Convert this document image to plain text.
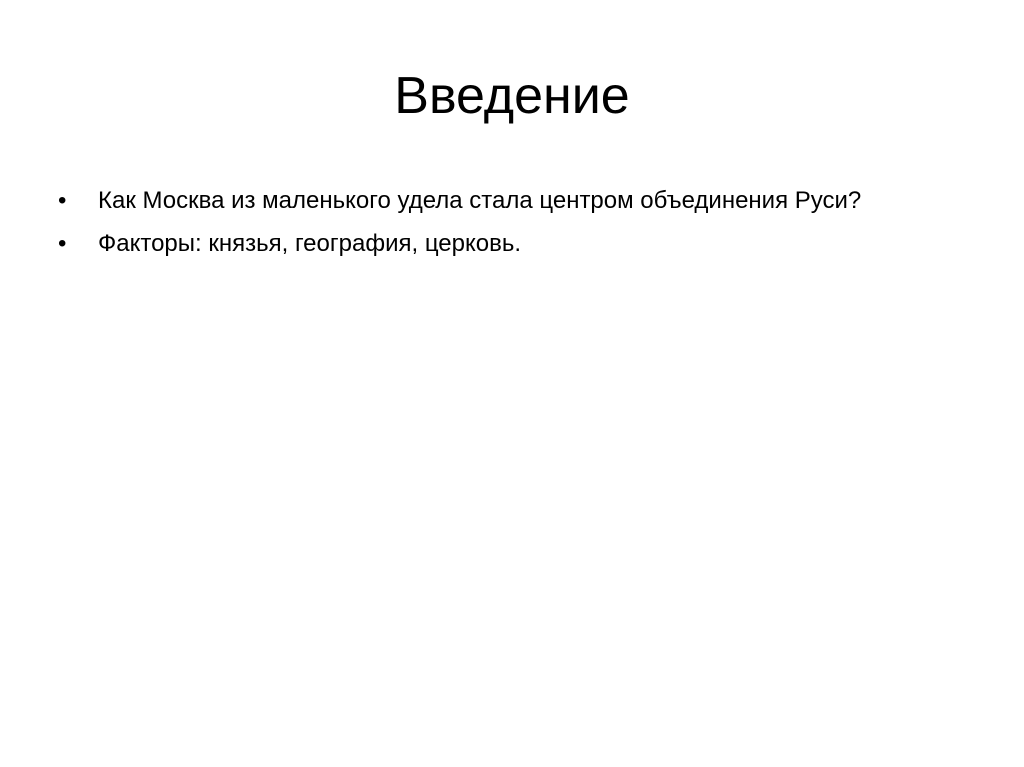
Введение
•	Как Москва из маленького удела стала центром объединения Руси?
•	Факторы: князья, география, церковь.
